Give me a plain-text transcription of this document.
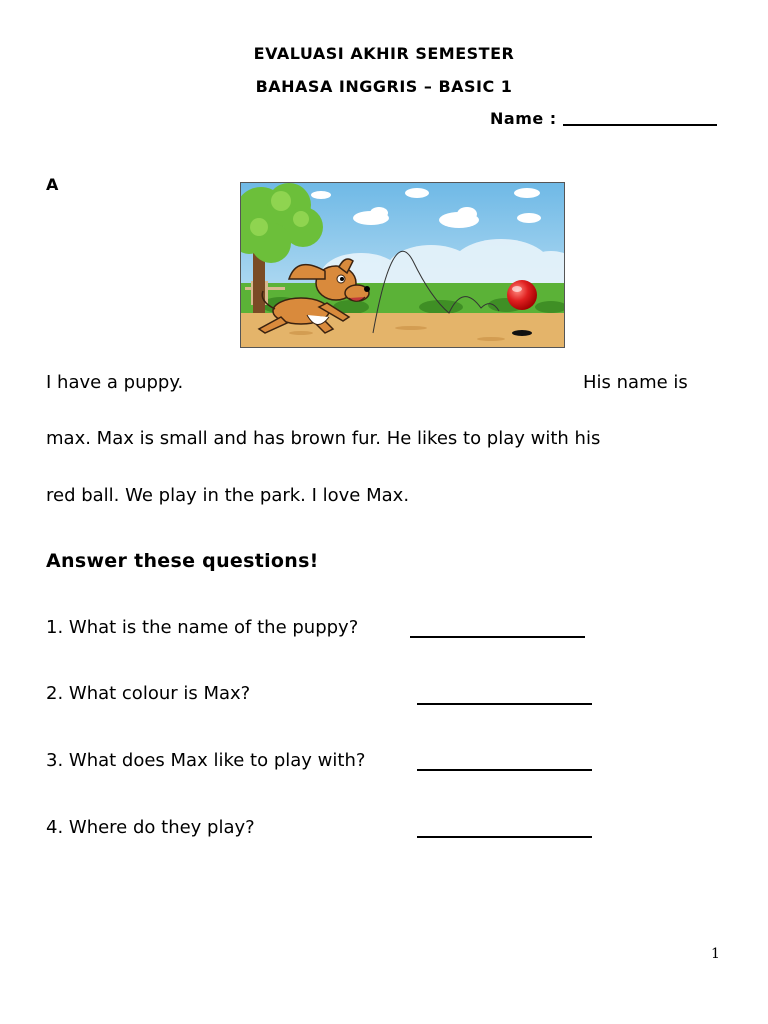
EVALUASI AKHIR SEMESTER
BAHASA INGGRIS – BASIC 1
Name :
A
I have a puppy.	His name is
max. Max is small and has brown fur. He likes to play with his
red ball. We play in the park. I love Max.
Answer these questions!
1. What is the name of the puppy?
2. What colour is Max?
3. What does Max like to play with?
4. Where do they play?
1
